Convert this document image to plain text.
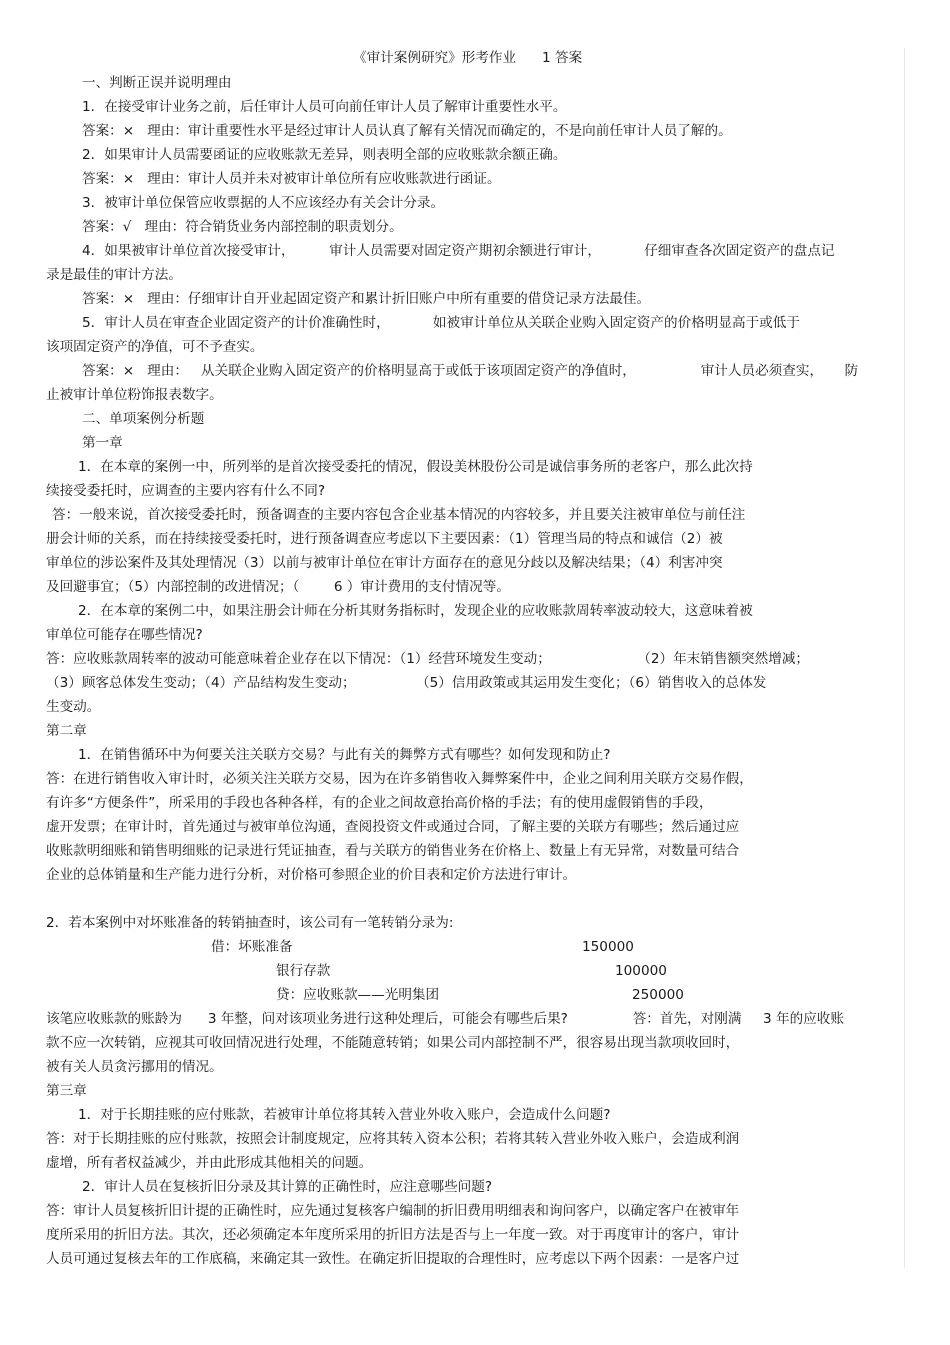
《审计案例研究》形考作业      1 答案
一、判断正误并说明理由
1．在接受审计业务之前，后任审计人员可向前任审计人员了解审计重要性水平。
答案：×   理由：审计重要性水平是经过审计人员认真了解有关情况而确定的，不是向前任审计人员了解的。
2．如果审计人员需要函证的应收账款无差异，则表明全部的应收账款余额正确。
答案：×   理由：审计人员并未对被审计单位所有应收账款进行函证。
3．被审计单位保管应收票据的人不应该经办有关会计分录。
答案：√   理由：符合销货业务内部控制的职责划分。
4．如果被审计单位首次接受审计，        审计人员需要对固定资产期初余额进行审计，          仔细审查各次固定资产的盘点记
录是最佳的审计方法。
答案：×   理由：仔细审计自开业起固定资产和累计折旧账户中所有重要的借贷记录方法最佳。
5．审计人员在审查企业固定资产的计价准确性时，          如被审计单位从关联企业购入固定资产的价格明显高于或低于
该项固定资产的净值，可不予查实。
答案：×   理由：   从关联企业购入固定资产的价格明显高于或低于该项固定资产的净值时，               审计人员必须查实，     防
止被审计单位粉饰报表数字。
二、单项案例分析题
第一章
1．在本章的案例一中，所列举的是首次接受委托的情况，假设美林股份公司是诚信事务所的老客户，那么此次持
续接受委托时，应调查的主要内容有什么不同?
答：一般来说，首次接受委托时，预备调查的主要内容包含企业基本情况的内容较多，并且要关注被审单位与前任注
册会计师的关系，而在持续接受委托时，进行预备调查应考虑以下主要因素：（1）管理当局的特点和诚信（2）被
审单位的涉讼案件及其处理情况（3）以前与被审计单位在审计方面存在的意见分歧以及解决结果；（4）利害冲突
及回避事宜；（5）内部控制的改进情况；（        6 ）审计费用的支付情况等。
2．在本章的案例二中，如果注册会计师在分析其财务指标时，发现企业的应收账款周转率波动较大，这意味着被
审单位可能存在哪些情况?
答：应收账款周转率的波动可能意味着企业存在以下情况：（1）经营环境发生变动；                    （2）年末销售额突然增减；
（3）顾客总体发生变动；（4）产品结构发生变动；              （5）信用政策或其运用发生变化；（6）销售收入的总体发
生变动。
第二章
1．在销售循环中为何要关注关联方交易？与此有关的舞弊方式有哪些？如何发现和防止?
答：在进行销售收入审计时，必须关注关联方交易，因为在许多销售收入舞弊案件中，企业之间利用关联方交易作假，
有许多“方便条件”，所采用的手段也各种各样，有的企业之间故意抬高价格的手法；有的使用虚假销售的手段，
虚开发票；在审计时，首先通过与被审单位沟通，查阅投资文件或通过合同，了解主要的关联方有哪些；然后通过应
收账款明细账和销售明细账的记录进行凭证抽查，看与关联方的销售业务在价格上、数量上有无异常，对数量可结合
企业的总体销量和生产能力进行分析，对价格可参照企业的价目表和定价方法进行审计。
2．若本案例中对坏账准备的转销抽查时，该公司有一笔转销分录为:
借：坏账准备	150000
银行存款	100000
贷：应收账款——光明集团	250000
该笔应收账款的账龄为      3 年整，问对该项业务进行这种处理后，可能会有哪些后果?               答：首先，对刚满     3 年的应收账
款不应一次转销，应视其可收回情况进行处理，不能随意转销；如果公司内部控制不严，很容易出现当款项收回时，
被有关人员贪污挪用的情况。
第三章
1．对于长期挂账的应付账款，若被审计单位将其转入营业外收入账户，会造成什么问题?
答：对于长期挂账的应付账款，按照会计制度规定，应将其转入资本公积；若将其转入营业外收入账户，会造成利润
虚增，所有者权益减少，并由此形成其他相关的问题。
2．审计人员在复核折旧分录及其计算的正确性时，应注意哪些问题?
答：审计人员复核折旧计提的正确性时，应先通过复核客户编制的折旧费用明细表和询问客户，以确定客户在被审年
度所采用的折旧方法。其次，还必须确定本年度所采用的折旧方法是否与上一年度一致。对于再度审计的客户，审计
人员可通过复核去年的工作底稿，来确定其一致性。在确定折旧提取的合理性时，应考虑以下两个因素：一是客户过
